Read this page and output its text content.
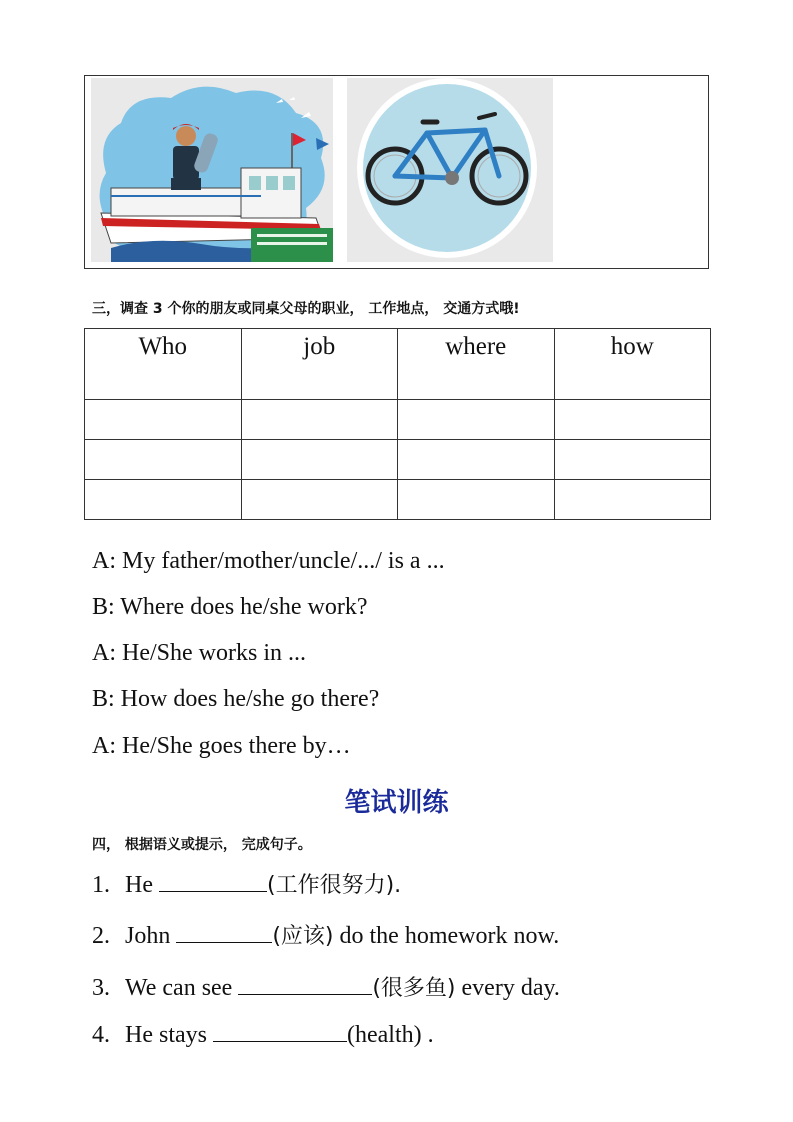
三，调查 3 个你的朋友或同桌父母的职业， 工作地点， 交通方式哦!
Who	job	where	how

A: My father/mother/uncle/.../ is a ...
B: Where does he/she work?
A: He/She works in ...
B: How does he/she go there?
A: He/She goes there by…
笔试训练
四， 根据语义或提示， 完成句子。
1. He	(工作很努力).
2. John	(应该) do the homework now.
3. We can see	(很多鱼) every day.
4. He stays	(health) .
